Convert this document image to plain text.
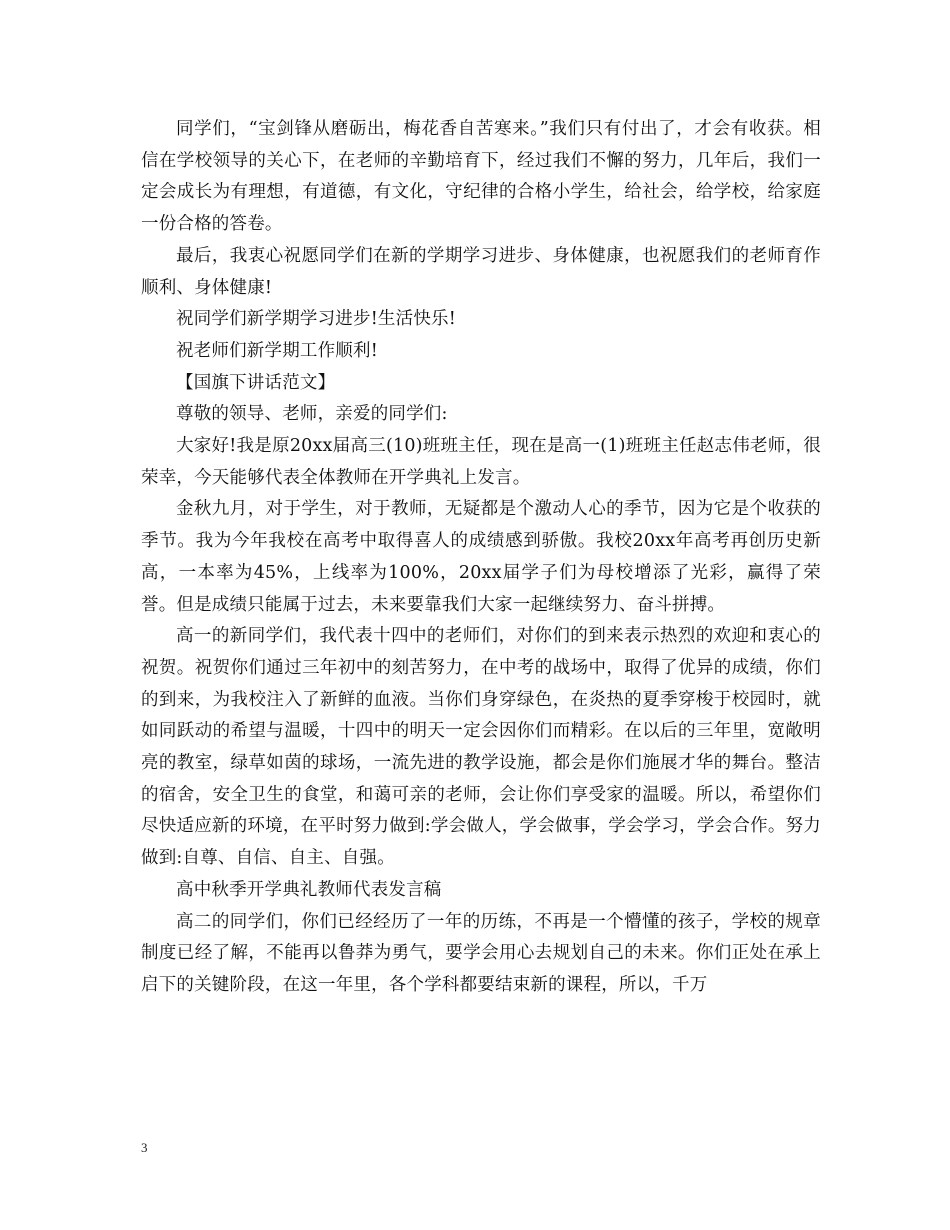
同学们，“宝剑锋从磨砺出，梅花香自苦寒来。”我们只有付出了，才会有收获。相信在学校领导的关心下，在老师的辛勤培育下，经过我们不懈的努力，几年后，我们一定会成长为有理想，有道德，有文化，守纪律的合格小学生，给社会，给学校，给家庭一份合格的答卷。

最后，我衷心祝愿同学们在新的学期学习进步、身体健康，也祝愿我们的老师育作顺利、身体健康!

祝同学们新学期学习进步!生活快乐!

祝老师们新学期工作顺利!

【国旗下讲话范文】

尊敬的领导、老师，亲爱的同学们:

大家好!我是原20xx届高三(10)班班主任，现在是高一(1)班班主任赵志伟老师，很荣幸，今天能够代表全体教师在开学典礼上发言。

金秋九月，对于学生，对于教师，无疑都是个激动人心的季节，因为它是个收获的季节。我为今年我校在高考中取得喜人的成绩感到骄傲。我校20xx年高考再创历史新高，一本率为45%，上线率为100%，20xx届学子们为母校增添了光彩，赢得了荣誉。但是成绩只能属于过去，未来要靠我们大家一起继续努力、奋斗拼搏。

高一的新同学们，我代表十四中的老师们，对你们的到来表示热烈的欢迎和衷心的祝贺。祝贺你们通过三年初中的刻苦努力，在中考的战场中，取得了优异的成绩，你们的到来，为我校注入了新鲜的血液。当你们身穿绿色，在炎热的夏季穿梭于校园时，就如同跃动的希望与温暖，十四中的明天一定会因你们而精彩。在以后的三年里，宽敞明亮的教室，绿草如茵的球场，一流先进的教学设施，都会是你们施展才华的舞台。整洁的宿舍，安全卫生的食堂，和蔼可亲的老师，会让你们享受家的温暖。所以，希望你们尽快适应新的环境，在平时努力做到:学会做人，学会做事，学会学习，学会合作。努力做到:自尊、自信、自主、自强。

高中秋季开学典礼教师代表发言稿

高二的同学们，你们已经经历了一年的历练，不再是一个懵懂的孩子，学校的规章制度已经了解，不能再以鲁莽为勇气，要学会用心去规划自己的未来。你们正处在承上启下的关键阶段，在这一年里，各个学科都要结束新的课程，所以，千万

3
